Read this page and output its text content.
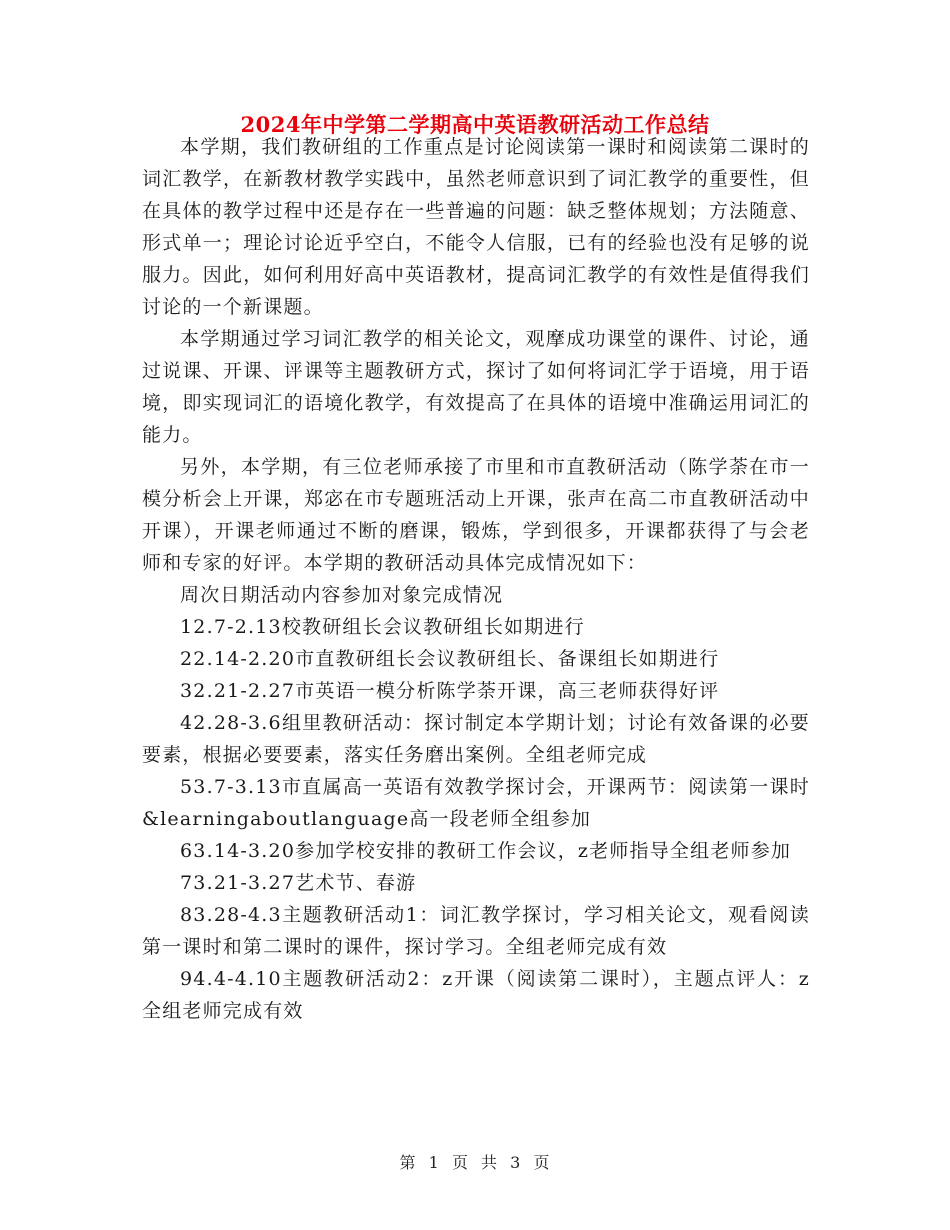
2024年中学第二学期高中英语教研活动工作总结

本学期，我们教研组的工作重点是讨论阅读第一课时和阅读第二课时的词汇教学，在新教材教学实践中，虽然老师意识到了词汇教学的重要性，但在具体的教学过程中还是存在一些普遍的问题：缺乏整体规划；方法随意、形式单一；理论讨论近乎空白，不能令人信服，已有的经验也没有足够的说服力。因此，如何利用好高中英语教材，提高词汇教学的有效性是值得我们讨论的一个新课题。

本学期通过学习词汇教学的相关论文，观摩成功课堂的课件、讨论，通过说课、开课、评课等主题教研方式，探讨了如何将词汇学于语境，用于语境，即实现词汇的语境化教学，有效提高了在具体的语境中准确运用词汇的能力。

另外，本学期，有三位老师承接了市里和市直教研活动（陈学荼在市一模分析会上开课，郑宓在市专题班活动上开课，张声在高二市直教研活动中开课），开课老师通过不断的磨课，锻炼，学到很多，开课都获得了与会老师和专家的好评。本学期的教研活动具体完成情况如下：

周次日期活动内容参加对象完成情况

12.7-2.13校教研组长会议教研组长如期进行

22.14-2.20市直教研组长会议教研组长、备课组长如期进行

32.21-2.27市英语一模分析陈学荼开课，高三老师获得好评

42.28-3.6组里教研活动：探讨制定本学期计划；讨论有效备课的必要要素，根据必要要素，落实任务磨出案例。全组老师完成

53.7-3.13市直属高一英语有效教学探讨会，开课两节：阅读第一课时&learningaboutlanguage高一段老师全组参加

63.14-3.20参加学校安排的教研工作会议，z老师指导全组老师参加

73.21-3.27艺术节、春游

83.28-4.3主题教研活动1：词汇教学探讨，学习相关论文，观看阅读第一课时和第二课时的课件，探讨学习。全组老师完成有效

94.4-4.10主题教研活动2：z开课（阅读第二课时），主题点评人：z全组老师完成有效

第 1 页 共 3 页
